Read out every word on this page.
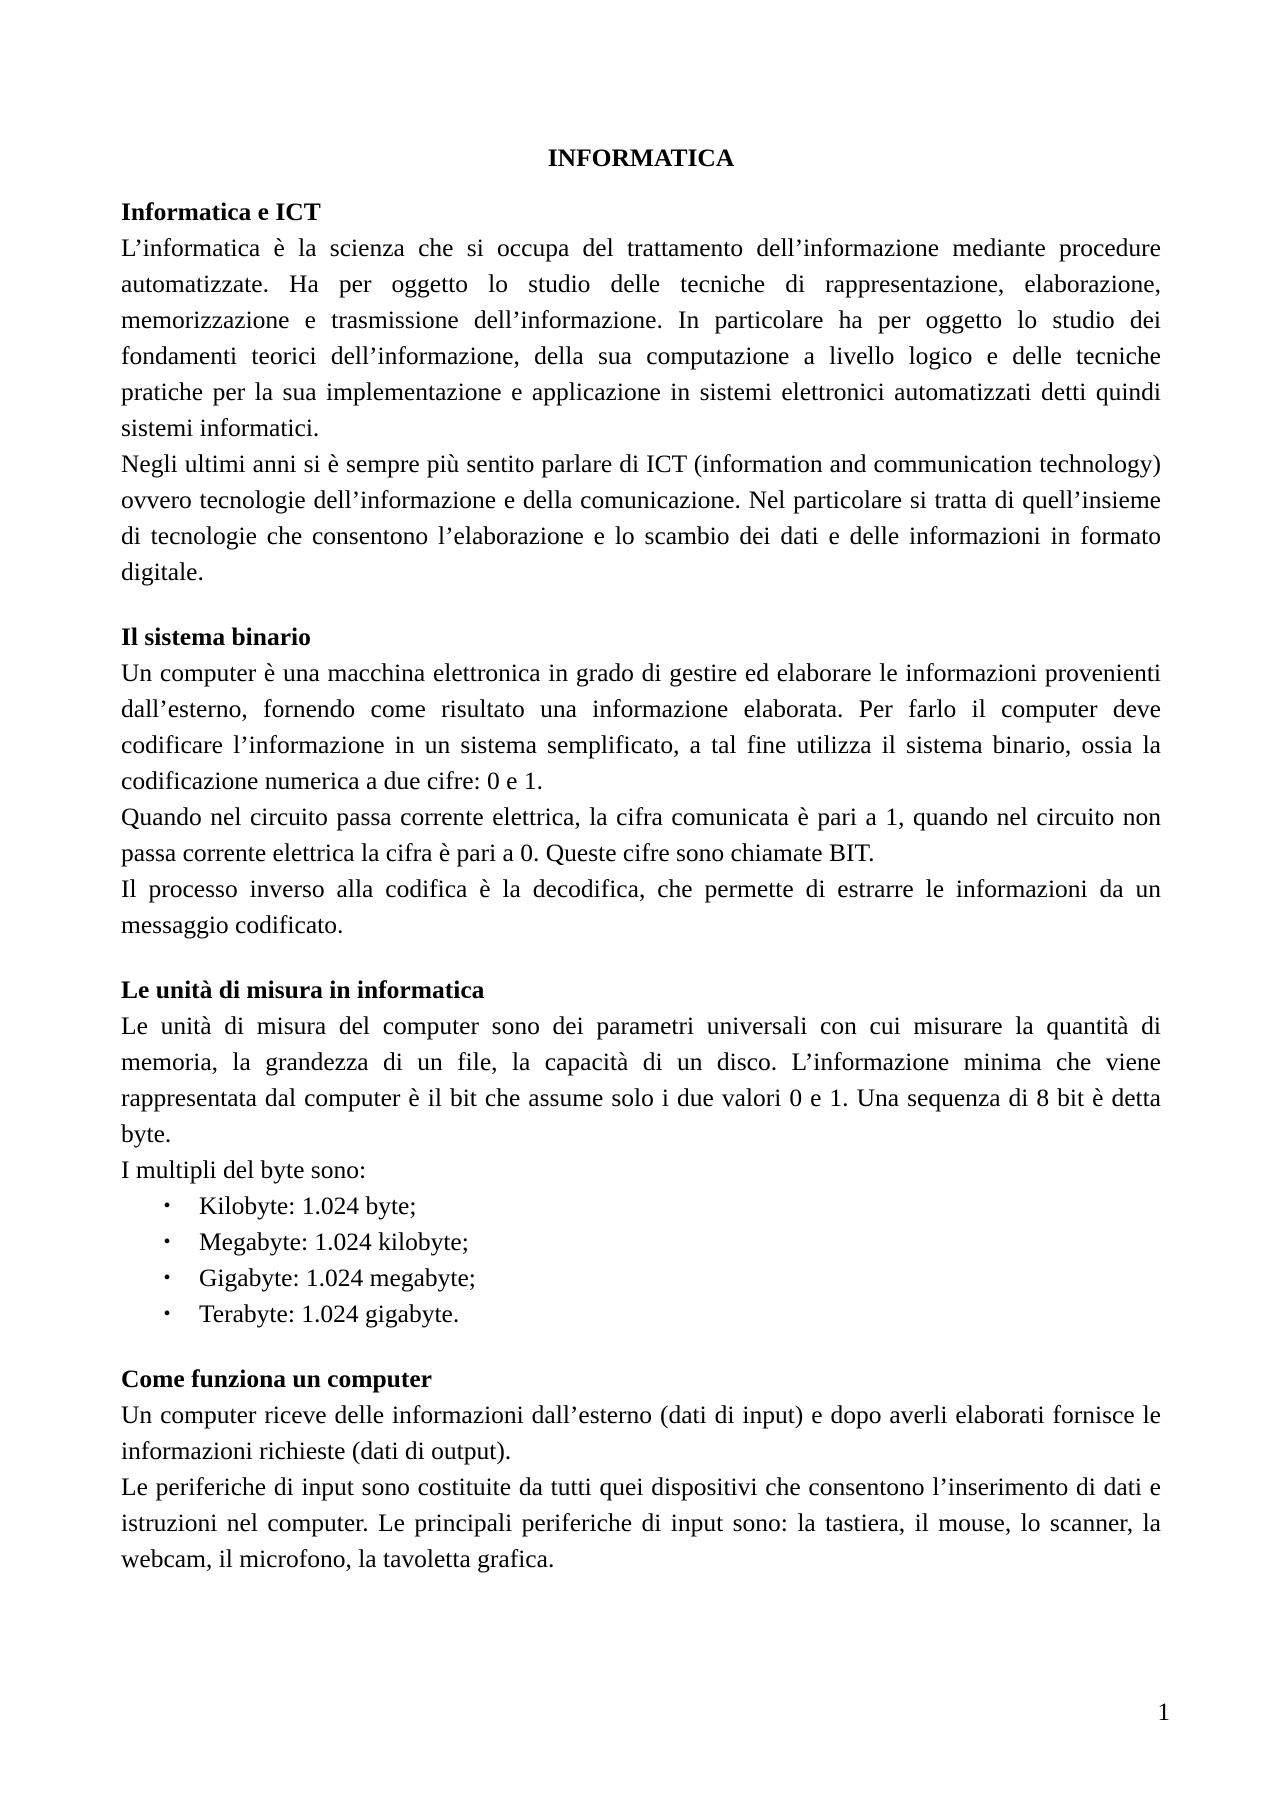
INFORMATICA
Informatica e ICT

L’informatica è la scienza che si occupa del trattamento dell’informazione mediante procedure automatizzate. Ha per oggetto lo studio delle tecniche di rappresentazione, elaborazione, memorizzazione e trasmissione dell’informazione. In particolare ha per oggetto lo studio dei fondamenti teorici dell’informazione, della sua computazione a livello logico e delle tecniche pratiche per la sua implementazione e applicazione in sistemi elettronici automatizzati detti quindi sistemi informatici.

Negli ultimi anni si è sempre più sentito parlare di ICT (information and communication technology) ovvero tecnologie dell’informazione e della comunicazione. Nel particolare si tratta di quell’insieme di tecnologie che consentono l’elaborazione e lo scambio dei dati e delle informazioni in formato digitale.

Il sistema binario

Un computer è una macchina elettronica in grado di gestire ed elaborare le informazioni provenienti dall’esterno, fornendo come risultato una informazione elaborata. Per farlo il computer deve codificare l’informazione in un sistema semplificato, a tal fine utilizza il sistema binario, ossia la codificazione numerica a due cifre: 0 e 1.

Quando nel circuito passa corrente elettrica, la cifra comunicata è pari a 1, quando nel circuito non passa corrente elettrica la cifra è pari a 0. Queste cifre sono chiamate BIT.

Il processo inverso alla codifica è la decodifica, che permette di estrarre le informazioni da un messaggio codificato.

Le unità di misura in informatica

Le unità di misura del computer sono dei parametri universali con cui misurare la quantità di memoria, la grandezza di un file, la capacità di un disco. L’informazione minima che viene rappresentata dal computer è il bit che assume solo i due valori 0 e 1. Una sequenza di 8 bit è detta byte.

I multipli del byte sono:

• Kilobyte: 1.024 byte;
• Megabyte: 1.024 kilobyte;
• Gigabyte: 1.024 megabyte;
• Terabyte: 1.024 gigabyte.
Come funziona un computer

Un computer riceve delle informazioni dall’esterno (dati di input) e dopo averli elaborati fornisce le informazioni richieste (dati di output).

Le periferiche di input sono costituite da tutti quei dispositivi che consentono l’inserimento di dati e istruzioni nel computer. Le principali periferiche di input sono: la tastiera, il mouse, lo scanner, la webcam, il microfono, la tavoletta grafica.

1
